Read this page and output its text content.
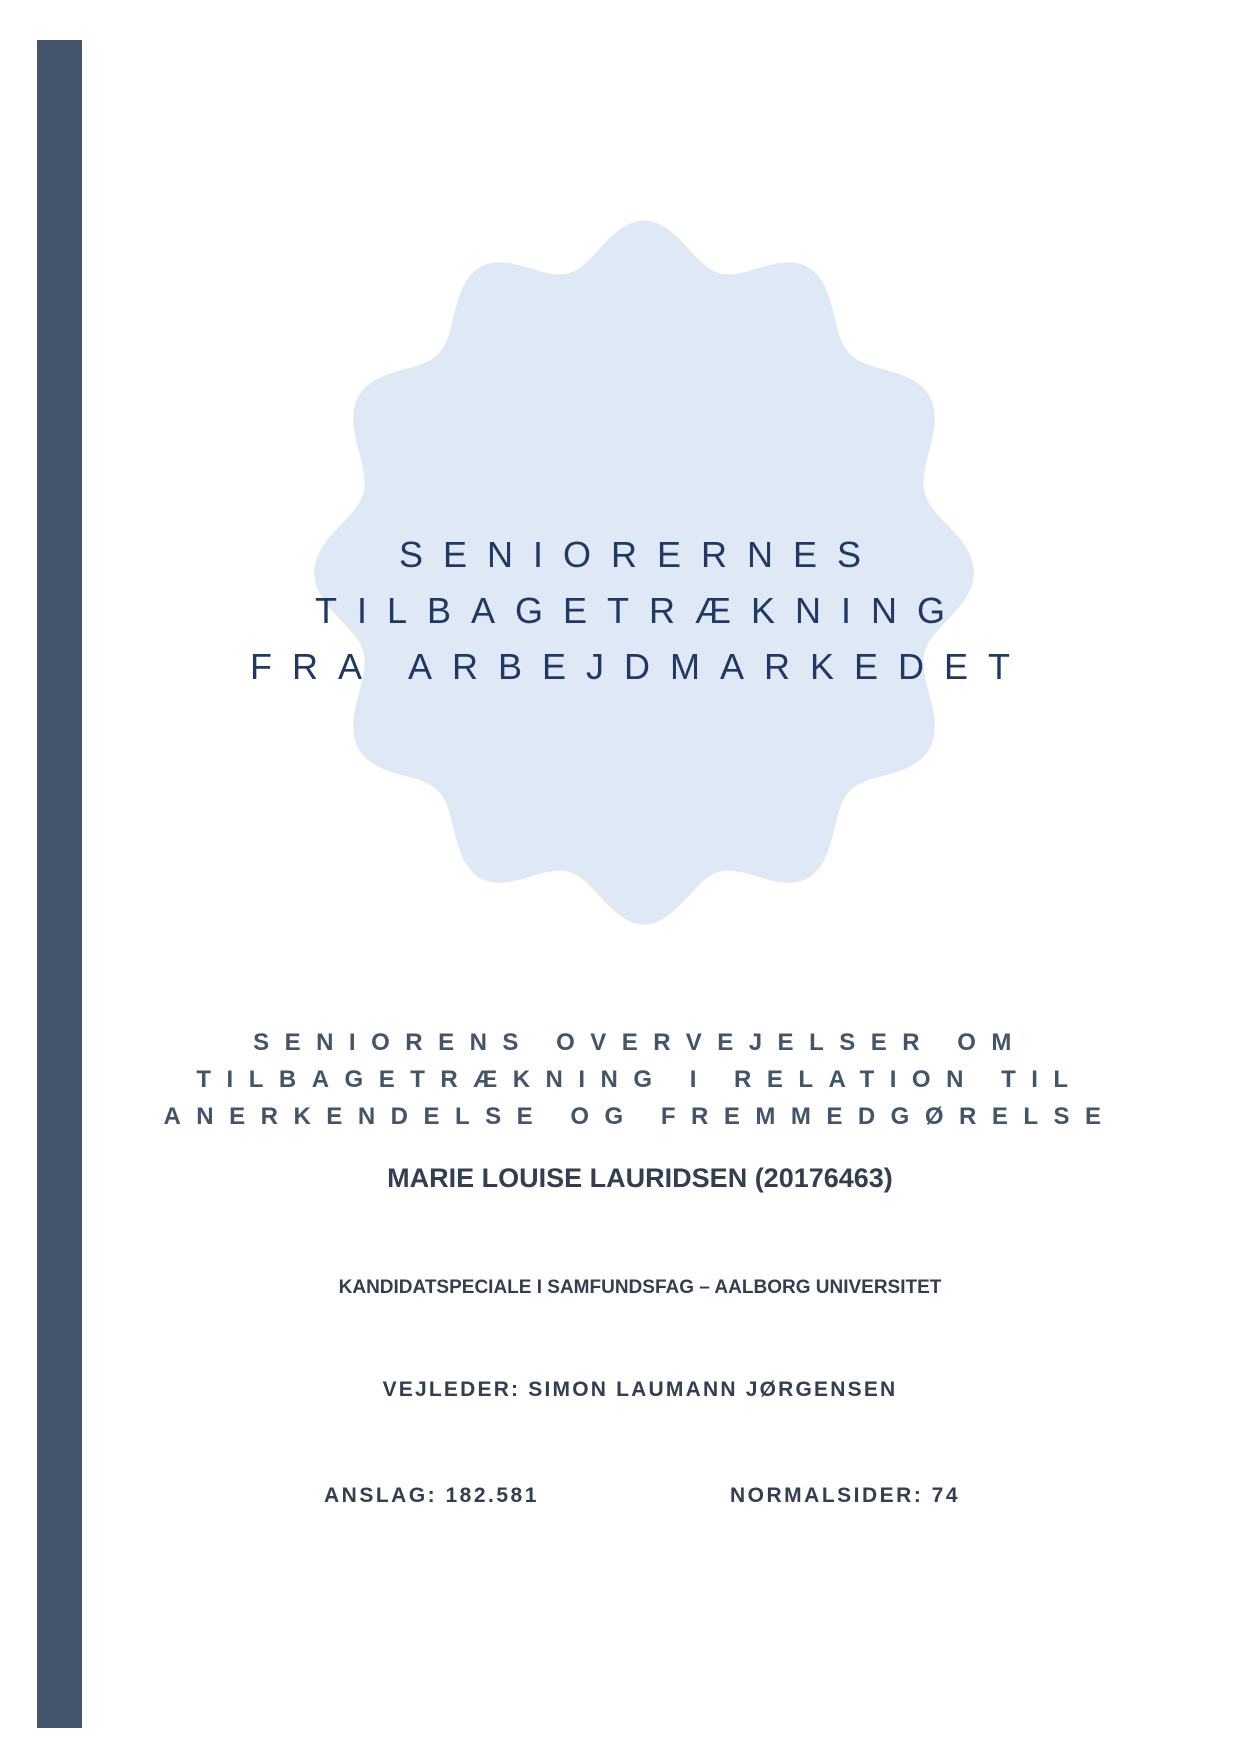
SENIORERNES TILBAGETRÆKNING
FRA ARBEJDMARKEDET
SENIORENS OVERVEJELSER OM
TILBAGETRÆKNING I RELATION TIL
ANERKENDELSE OG FREMMEDGØRELSE

MARIE LOUISE LAURIDSEN (20176463)

KANDIDATSPECIALE I SAMFUNDSFAG – AALBORG UNIVERSITET

VEJLEDER: SIMON LAUMANN JØRGENSEN

ANSLAG: 182.581	NORMALSIDER: 74
